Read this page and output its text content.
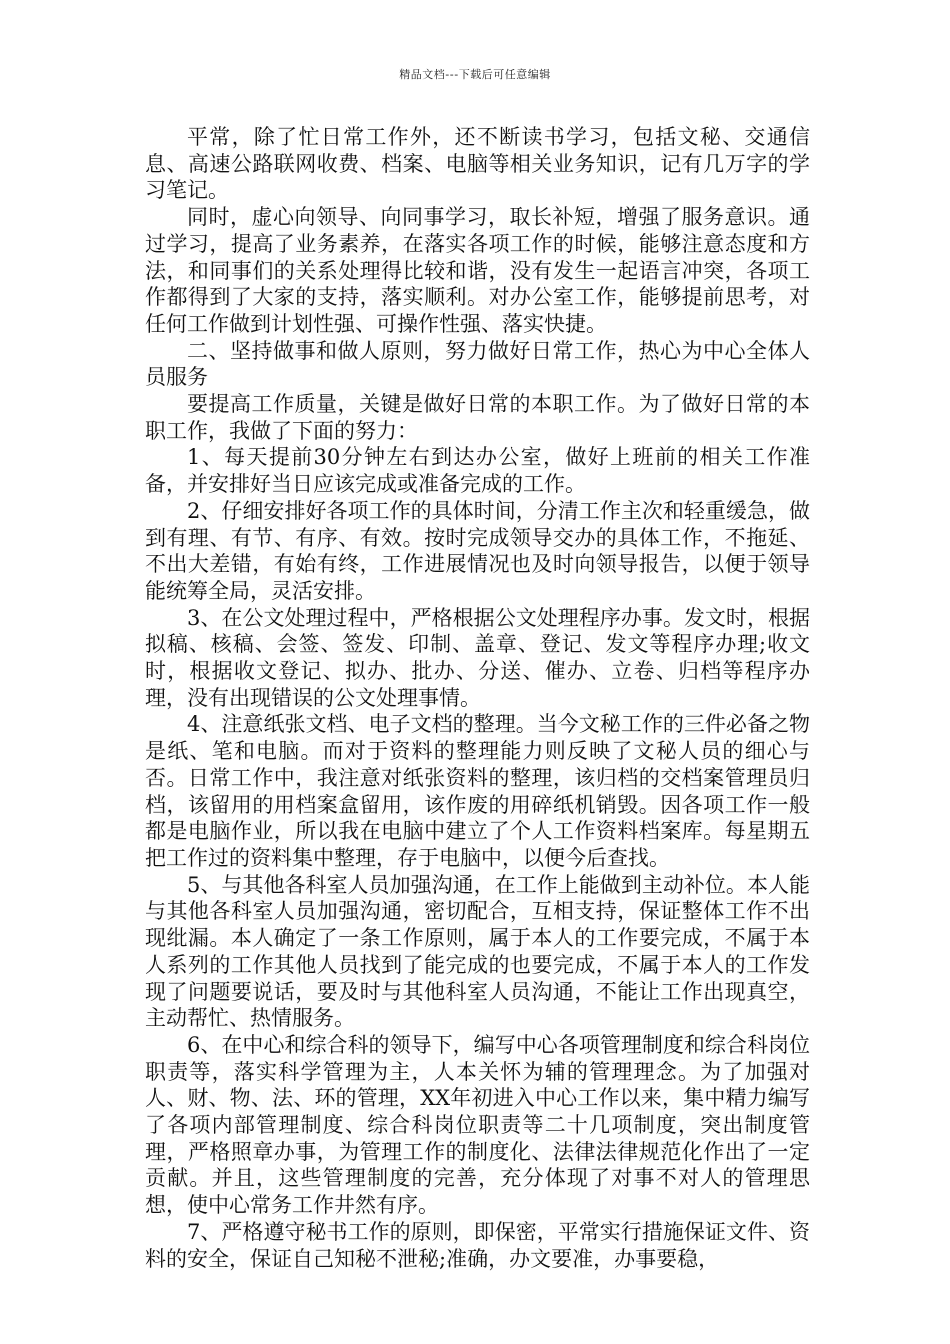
精品文档---下载后可任意编辑

平常，除了忙日常工作外，还不断读书学习，包括文秘、交通信息、高速公路联网收费、档案、电脑等相关业务知识，记有几万字的学习笔记。

同时，虚心向领导、向同事学习，取长补短，增强了服务意识。通过学习，提高了业务素养，在落实各项工作的时候，能够注意态度和方法，和同事们的关系处理得比较和谐，没有发生一起语言冲突，各项工作都得到了大家的支持，落实顺利。对办公室工作，能够提前思考，对任何工作做到计划性强、可操作性强、落实快捷。

二、坚持做事和做人原则，努力做好日常工作，热心为中心全体人员服务

要提高工作质量，关键是做好日常的本职工作。为了做好日常的本职工作，我做了下面的努力：

1、每天提前30分钟左右到达办公室，做好上班前的相关工作准备，并安排好当日应该完成或准备完成的工作。

2、仔细安排好各项工作的具体时间，分清工作主次和轻重缓急，做到有理、有节、有序、有效。按时完成领导交办的具体工作，不拖延、不出大差错，有始有终，工作进展情况也及时向领导报告，以便于领导能统筹全局，灵活安排。

3、在公文处理过程中，严格根据公文处理程序办事。发文时，根据拟稿、核稿、会签、签发、印制、盖章、登记、发文等程序办理;收文时，根据收文登记、拟办、批办、分送、催办、立卷、归档等程序办理，没有出现错误的公文处理事情。

4、注意纸张文档、电子文档的整理。当今文秘工作的三件必备之物是纸、笔和电脑。而对于资料的整理能力则反映了文秘人员的细心与否。日常工作中，我注意对纸张资料的整理，该归档的交档案管理员归档，该留用的用档案盒留用，该作废的用碎纸机销毁。因各项工作一般都是电脑作业，所以我在电脑中建立了个人工作资料档案库。每星期五把工作过的资料集中整理，存于电脑中，以便今后查找。

5、与其他各科室人员加强沟通，在工作上能做到主动补位。本人能与其他各科室人员加强沟通，密切配合，互相支持，保证整体工作不出现纰漏。本人确定了一条工作原则，属于本人的工作要完成，不属于本人系列的工作其他人员找到了能完成的也要完成，不属于本人的工作发现了问题要说话，要及时与其他科室人员沟通，不能让工作出现真空，主动帮忙、热情服务。

6、在中心和综合科的领导下，编写中心各项管理制度和综合科岗位职责等，落实科学管理为主，人本关怀为辅的管理理念。为了加强对人、财、物、法、环的管理，XX年初进入中心工作以来，集中精力编写了各项内部管理制度、综合科岗位职责等二十几项制度，突出制度管理，严格照章办事，为管理工作的制度化、法律法律规范化作出了一定贡献。并且，这些管理制度的完善，充分体现了对事不对人的管理思想，使中心常务工作井然有序。

7、严格遵守秘书工作的原则，即保密，平常实行措施保证文件、资料的安全，保证自己知秘不泄秘;准确，办文要准，办事要稳，
